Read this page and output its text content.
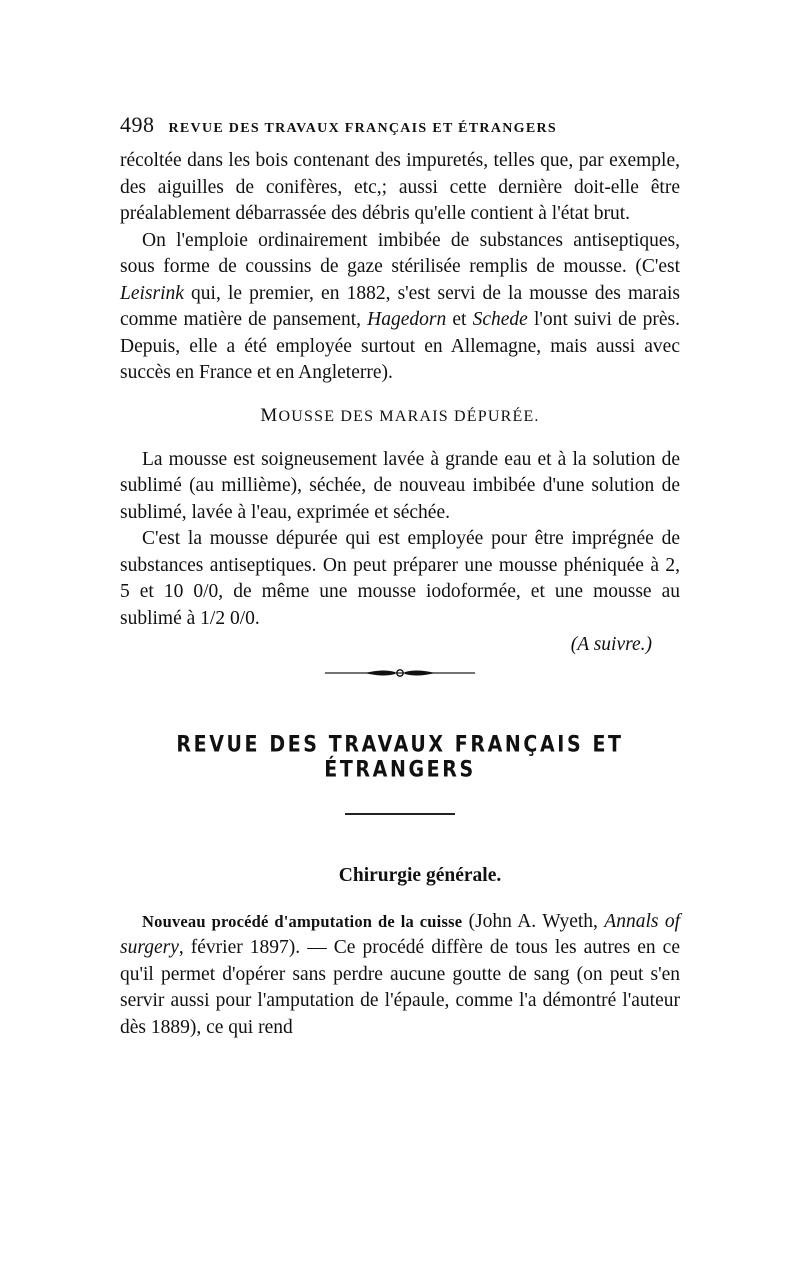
498 REVUE DES TRAVAUX FRANÇAIS ET ÉTRANGERS

récoltée dans les bois contenant des impuretés, telles que, par exemple, des aiguilles de conifères, etc,; aussi cette dernière doit-elle être préalablement débarrassée des débris qu'elle contient à l'état brut.

On l'emploie ordinairement imbibée de substances antiseptiques, sous forme de coussins de gaze stérilisée remplis de mousse. (C'est Leisrink qui, le premier, en 1882, s'est servi de la mousse des marais comme matière de pansement, Hagedorn et Schede l'ont suivi de près. Depuis, elle a été employée surtout en Allemagne, mais aussi avec succès en France et en Angleterre).

MOUSSE DES MARAIS DÉPURÉE.

La mousse est soigneusement lavée à grande eau et à la solution de sublimé (au millième), séchée, de nouveau imbibée d'une solution de sublimé, lavée à l'eau, exprimée et séchée.

C'est la mousse dépurée qui est employée pour être imprégnée de substances antiseptiques. On peut préparer une mousse phéniquée à 2, 5 et 10 0/0, de même une mousse iodoformée, et une mousse au sublimé à 1/2 0/0.

(A suivre.)
REVUE DES TRAVAUX FRANÇAIS ET ÉTRANGERS
Chirurgie générale.

Nouveau procédé d'amputation de la cuisse (John A. Wyeth, Annals of surgery, février 1897). — Ce procédé diffère de tous les autres en ce qu'il permet d'opérer sans perdre aucune goutte de sang (on peut s'en servir aussi pour l'amputation de l'épaule, comme l'a démontré l'auteur dès 1889), ce qui rend
